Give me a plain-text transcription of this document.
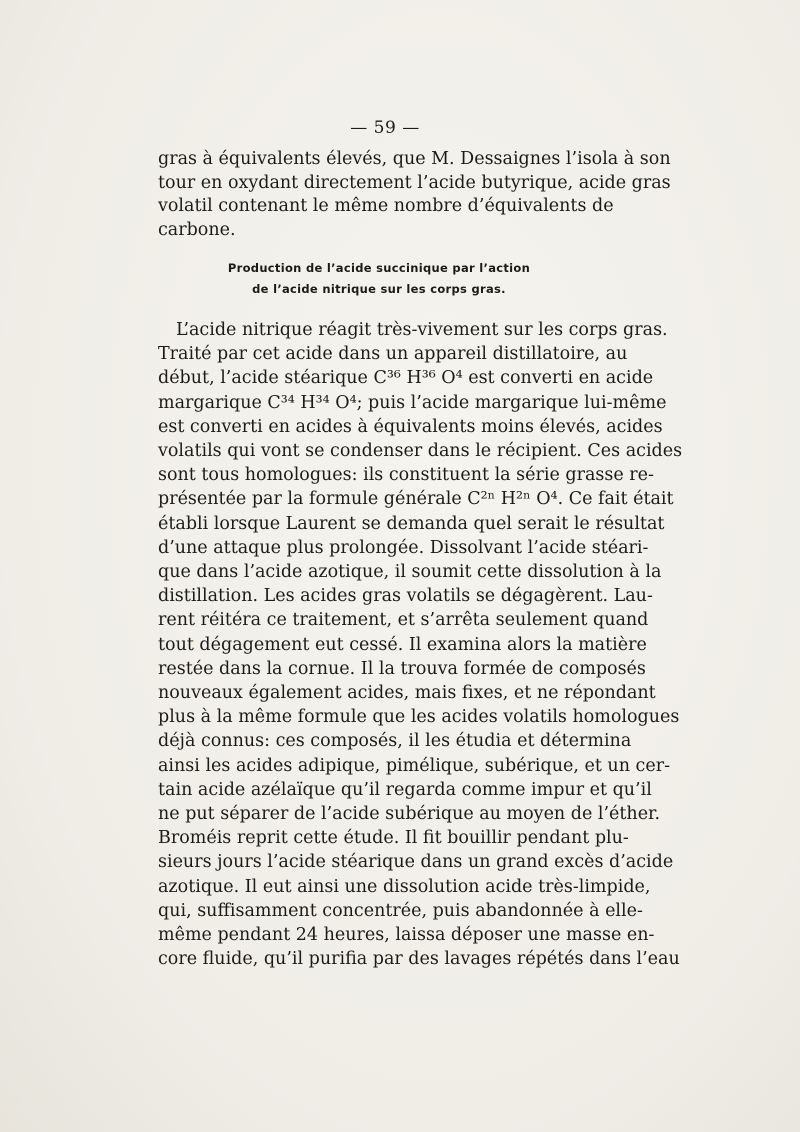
— 59 —
gras à équivalents élevés, que M. Dessaignes l’isola à son
tour en oxydant directement l’acide butyrique, acide gras
volatil contenant le même nombre d’équivalents de
carbone.
Production de l’acide succinique par l’action
de l’acide nitrique sur les corps gras.
L’acide nitrique réagit très-vivement sur les corps gras.
Traité par cet acide dans un appareil distillatoire, au
début, l’acide stéarique C³⁶ H³⁶ O⁴ est converti en acide
margarique C³⁴ H³⁴ O⁴; puis l’acide margarique lui-même
est converti en acides à équivalents moins élevés, acides
volatils qui vont se condenser dans le récipient. Ces acides
sont tous homologues: ils constituent la série grasse re-
présentée par la formule générale C²ⁿ H²ⁿ O⁴. Ce fait était
établi lorsque Laurent se demanda quel serait le résultat
d’une attaque plus prolongée. Dissolvant l’acide stéari-
que dans l’acide azotique, il soumit cette dissolution à la
distillation. Les acides gras volatils se dégagèrent. Lau-
rent réitéra ce traitement, et s’arrêta seulement quand
tout dégagement eut cessé. Il examina alors la matière
restée dans la cornue. Il la trouva formée de composés
nouveaux également acides, mais fixes, et ne répondant
plus à la même formule que les acides volatils homologues
déjà connus: ces composés, il les étudia et détermina
ainsi les acides adipique, pimélique, subérique, et un cer-
tain acide azélaïque qu’il regarda comme impur et qu’il
ne put séparer de l’acide subérique au moyen de l’éther.
Broméis reprit cette étude. Il fit bouillir pendant plu-
sieurs jours l’acide stéarique dans un grand excès d’acide
azotique. Il eut ainsi une dissolution acide très-limpide,
qui, suffisamment concentrée, puis abandonnée à elle-
même pendant 24 heures, laissa déposer une masse en-
core fluide, qu’il purifia par des lavages répétés dans l’eau
